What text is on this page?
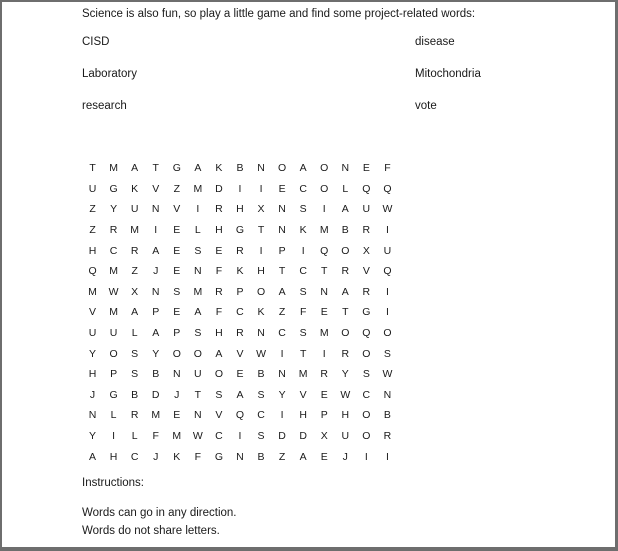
Science is also fun, so play a little game and find some project-related words:
CISD
Laboratory
research
disease
Mitochondria
vote
T	M	A	T	G	A	K	B	N	O	A	O	N	E	F
U	G	K	V	Z	M	D	I	I	E	C	O	L	Q	Q
Z	Y	U	N	V	I	R	H	X	N	S	I	A	U	W
Z	R	M	I	E	L	H	G	T	N	K	M	B	R	I
H	C	R	A	E	S	E	R	I	P	I	Q	O	X	U
Q	M	Z	J	E	N	F	K	H	T	C	T	R	V	Q
M	W	X	N	S	M	R	P	O	A	S	N	A	R	I
V	M	A	P	E	A	F	C	K	Z	F	E	T	G	I
U	U	L	A	P	S	H	R	N	C	S	M	O	Q	O
Y	O	S	Y	O	O	A	V	W	I	T	I	R	O	S
H	P	S	B	N	U	O	E	B	N	M	R	Y	S	W
J	G	B	D	J	T	S	A	S	Y	V	E	W	C	N
N	L	R	M	E	N	V	Q	C	I	H	P	H	O	B
Y	I	L	F	M	W	C	I	S	D	D	X	U	O	R
A	H	C	J	K	F	G	N	B	Z	A	E	J	I	I
Instructions:
Words can go in any direction.
Words do not share letters.
